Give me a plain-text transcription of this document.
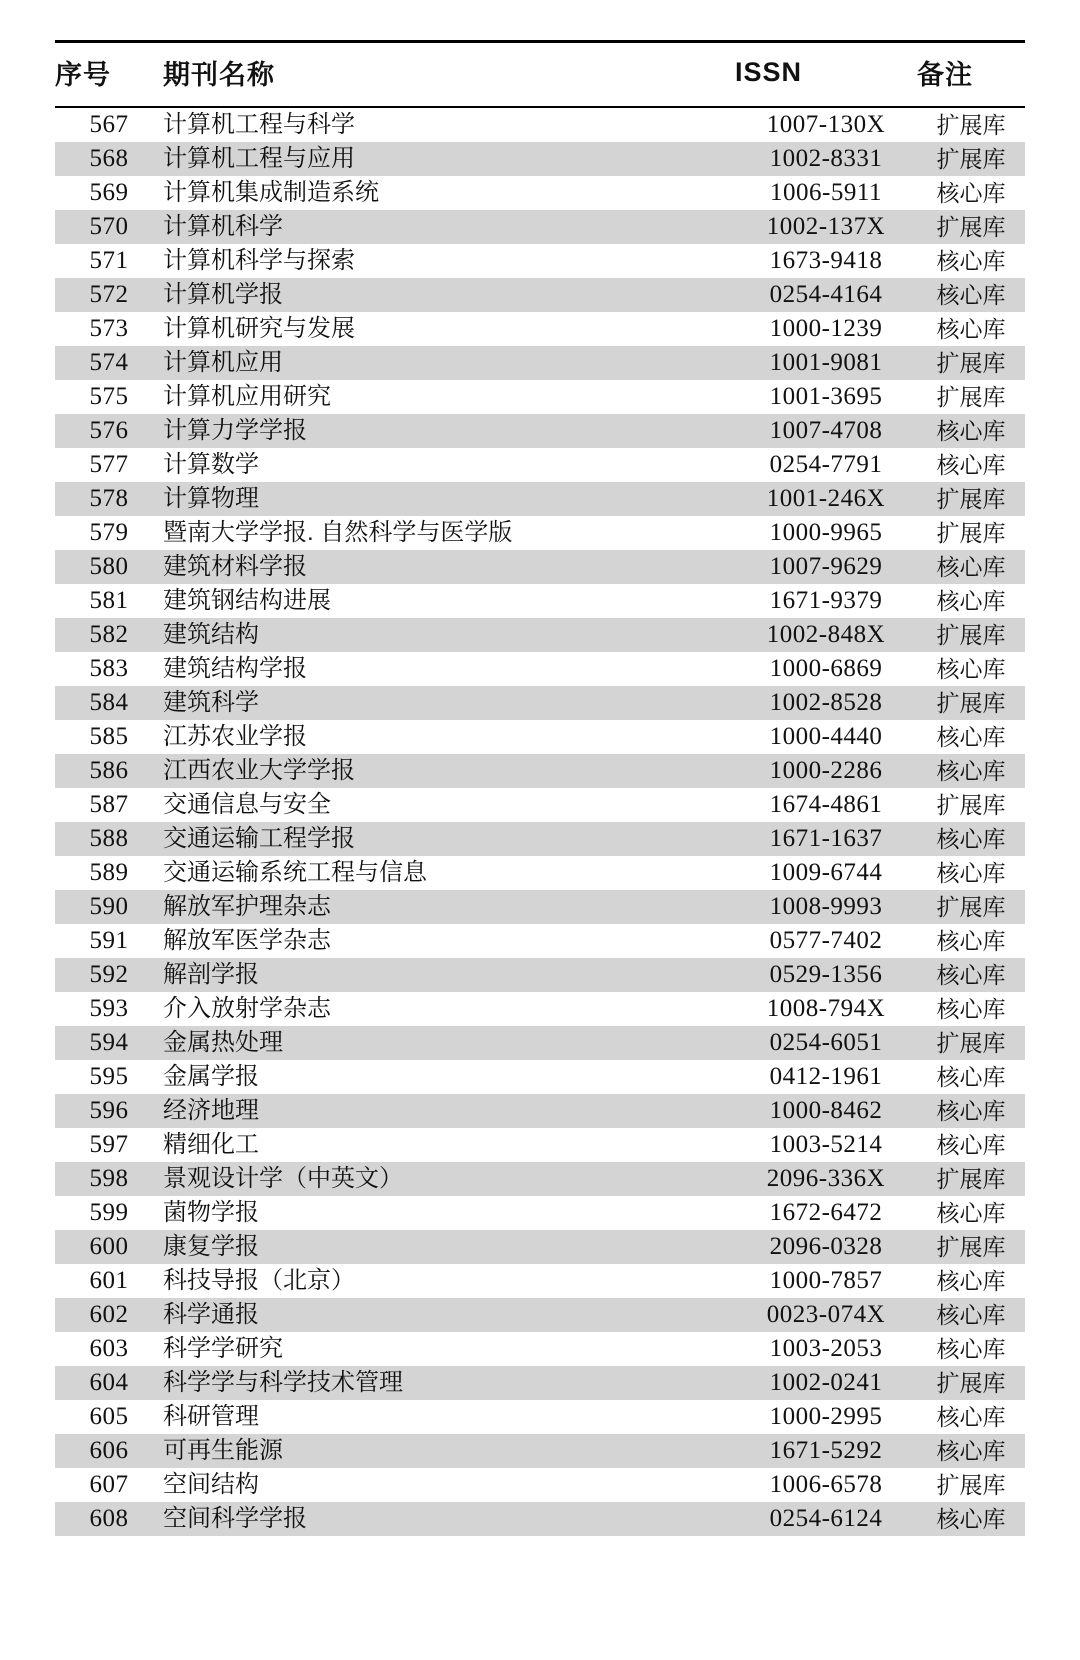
序号	期刊名称	ISSN	备注
567	计算机工程与科学	1007-130X	扩展库
568	计算机工程与应用	1002-8331	扩展库
569	计算机集成制造系统	1006-5911	核心库
570	计算机科学	1002-137X	扩展库
571	计算机科学与探索	1673-9418	核心库
572	计算机学报	0254-4164	核心库
573	计算机研究与发展	1000-1239	核心库
574	计算机应用	1001-9081	扩展库
575	计算机应用研究	1001-3695	扩展库
576	计算力学学报	1007-4708	核心库
577	计算数学	0254-7791	核心库
578	计算物理	1001-246X	扩展库
579	暨南大学学报. 自然科学与医学版	1000-9965	扩展库
580	建筑材料学报	1007-9629	核心库
581	建筑钢结构进展	1671-9379	核心库
582	建筑结构	1002-848X	扩展库
583	建筑结构学报	1000-6869	核心库
584	建筑科学	1002-8528	扩展库
585	江苏农业学报	1000-4440	核心库
586	江西农业大学学报	1000-2286	核心库
587	交通信息与安全	1674-4861	扩展库
588	交通运输工程学报	1671-1637	核心库
589	交通运输系统工程与信息	1009-6744	核心库
590	解放军护理杂志	1008-9993	扩展库
591	解放军医学杂志	0577-7402	核心库
592	解剖学报	0529-1356	核心库
593	介入放射学杂志	1008-794X	核心库
594	金属热处理	0254-6051	扩展库
595	金属学报	0412-1961	核心库
596	经济地理	1000-8462	核心库
597	精细化工	1003-5214	核心库
598	景观设计学（中英文）	2096-336X	扩展库
599	菌物学报	1672-6472	核心库
600	康复学报	2096-0328	扩展库
601	科技导报（北京）	1000-7857	核心库
602	科学通报	0023-074X	核心库
603	科学学研究	1003-2053	核心库
604	科学学与科学技术管理	1002-0241	扩展库
605	科研管理	1000-2995	核心库
606	可再生能源	1671-5292	核心库
607	空间结构	1006-6578	扩展库
608	空间科学学报	0254-6124	核心库
